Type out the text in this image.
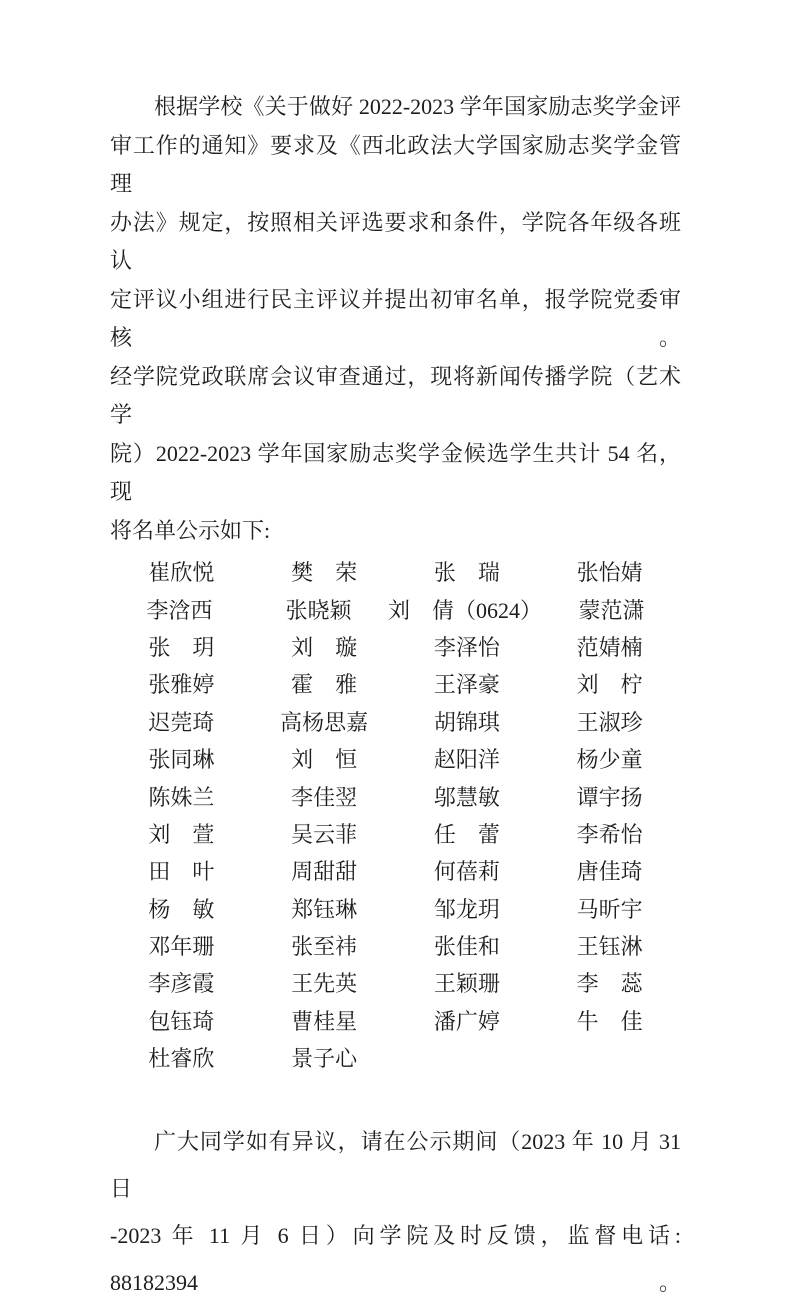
根据学校《关于做好 2022-2023 学年国家励志奖学金评
审工作的通知》要求及《西北政法大学国家励志奖学金管理
办法》规定，按照相关评选要求和条件，学院各年级各班认
定评议小组进行民主评议并提出初审名单，报学院党委审核。
经学院党政联席会议审查通过，现将新闻传播学院（艺术学
院）2022-2023 学年国家励志奖学金候选学生共计 54 名，现
将名单公示如下:
崔欣悦	樊　荣	张　瑞	张怡婧
李浛西	张晓颖	刘　倩（0624）	蒙范潇
张　玥	刘　璇	李泽怡	范婧楠
张雅婷	霍　雅	王泽豪	刘　柠
迟莞琦	高杨思嘉	胡锦琪	王淑珍
张同琳	刘　恒	赵阳洋	杨少童
陈姝兰	李佳翌	邬慧敏	谭宇扬
刘　萱	吴云菲	任　蕾	李希怡
田　叶	周甜甜	何蓓莉	唐佳琦
杨　敏	郑钰琳	邹龙玥	马昕宇
邓年珊	张至祎	张佳和	王钰淋
李彦霞	王先英	王颖珊	李　蕊
包钰琦	曹桂星	潘广婷	牛　佳
杜睿欣	景子心
广大同学如有异议，请在公示期间（2023 年 10 月 31 日
-2023 年 11 月 6 日）向学院及时反馈，监督电话: 88182394。
